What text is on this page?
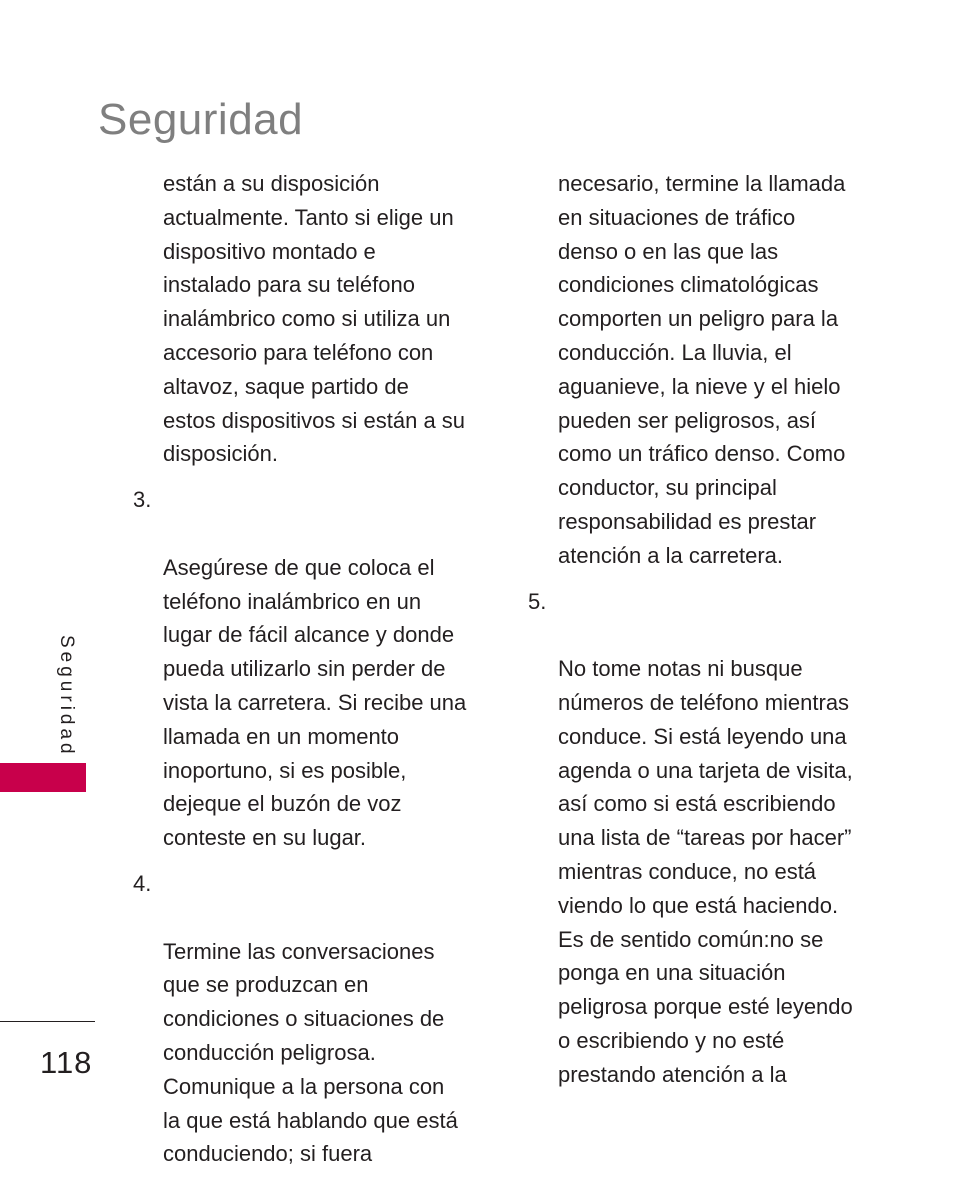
Seguridad

están a su disposición
actualmente. Tanto si elige un
dispositivo montado e
instalado para su teléfono
inalámbrico como si utiliza un
accesorio para teléfono con
altavoz, saque partido de
estos dispositivos si están a su
disposición.

3.

Asegúrese de que coloca el
teléfono inalámbrico en un
lugar de fácil alcance y donde
pueda utilizarlo sin perder de
vista la carretera. Si recibe una
llamada en un momento
inoportuno, si es posible,
dejeque el buzón de voz
conteste en su lugar.

4.

Termine las conversaciones
que se produzcan en
condiciones o situaciones de
conducción peligrosa.
Comunique a la persona con
la que está hablando que está
conduciendo; si fuera

necesario, termine la llamada
en situaciones de tráfico
denso o en las que las
condiciones climatológicas
comporten un peligro para la
conducción. La lluvia, el
aguanieve, la nieve y el hielo
pueden ser peligrosos, así
como un tráfico denso. Como
conductor, su principal
responsabilidad es prestar
atención a la carretera.

5.

No tome notas ni busque
números de teléfono mientras
conduce. Si está leyendo una
agenda o una tarjeta de visita,
así como si está escribiendo
una lista de “tareas por hacer”
mientras conduce, no está
viendo lo que está haciendo.
Es de sentido común:no se
ponga en una situación
peligrosa porque esté leyendo
o escribiendo y no esté
prestando atención a la

Seguridad
118
